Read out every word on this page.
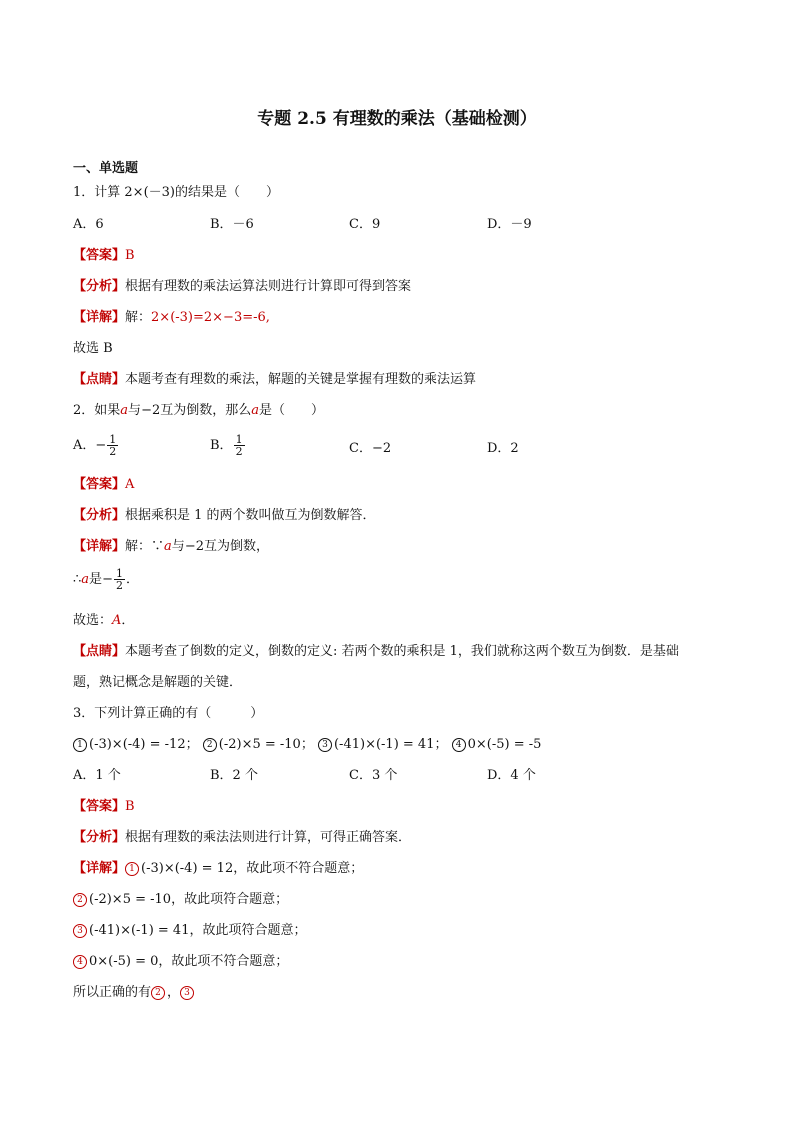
专题 2.5 有理数的乘法（基础检测）
一、单选题
1．计算 2×(－3)的结果是（　　）
A．6	B．－6	C．9	D．－9
【答案】B
【分析】根据有理数的乘法运算法则进行计算即可得到答案
【详解】解：2×(-3)=2×−3=-6,
故选 B
【点睛】本题考查有理数的乘法，解题的关键是掌握有理数的乘法运算
2．如果a与−2互为倒数，那么a是（　　）
A．− $\frac{1}{2}$	B． $\frac{1}{2}$	C．−2	D．2
【答案】A
【分析】根据乘积是 1 的两个数叫做互为倒数解答．
【详解】解：∵a与−2互为倒数，
∴a是− $\frac{1}{2}$ ．
故选：A．
【点睛】本题考查了倒数的定义，倒数的定义: 若两个数的乘积是 1，我们就称这两个数互为倒数．是基础
题，熟记概念是解题的关键．
3．下列计算正确的有（　　　）
1 (-3)×(-4) = -12； 2 (-2)×5 = -10； 3 (-41)×(-1) = 41； 4 0×(-5) = -5
A．1 个	B．2 个	C．3 个	D．4 个
【答案】B
【分析】根据有理数的乘法法则进行计算，可得正确答案．
【详解】 1 (-3)×(-4) = 12，故此项不符合题意；
2 (-2)×5 = -10，故此项符合题意；
3 (-41)×(-1) = 41，故此项符合题意；
4 0×(-5) = 0，故此项不符合题意；
所以正确的有 2 ， 3
